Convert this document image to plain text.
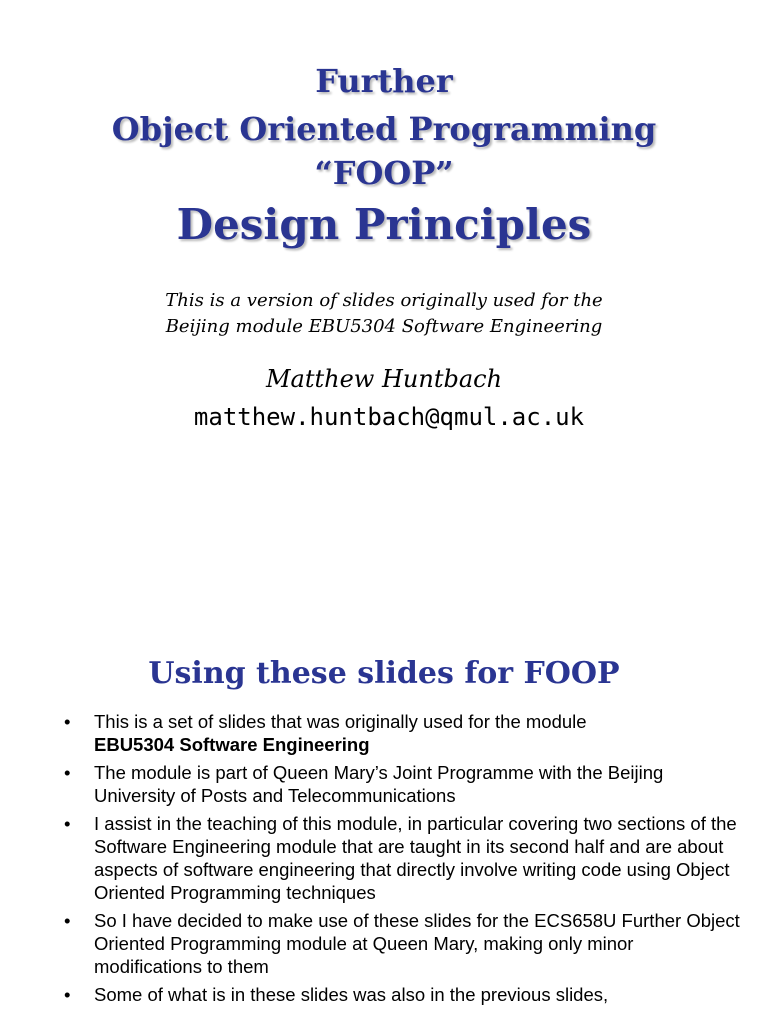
Further
Object Oriented Programming
“FOOP”
Design Principles

This is a version of slides originally used for the
Beijing module EBU5304 Software Engineering

Matthew Huntbach

matthew.huntbach@qmul.ac.uk

Using these slides for FOOP
•	This is a set of slides that was originally used for the module
EBU5304 Software Engineering
•	The module is part of Queen Mary’s Joint Programme with the Beijing University of Posts and Telecommunications
•	I assist in the teaching of this module, in particular covering two sections of the Software Engineering module that are taught in its second half and are about aspects of software engineering that directly involve writing code using Object Oriented Programming techniques
•	So I have decided to make use of these slides for the ECS658U Further Object Oriented Programming module at Queen Mary, making only minor modifications to them
•	Some of what is in these slides was also in the previous slides,
